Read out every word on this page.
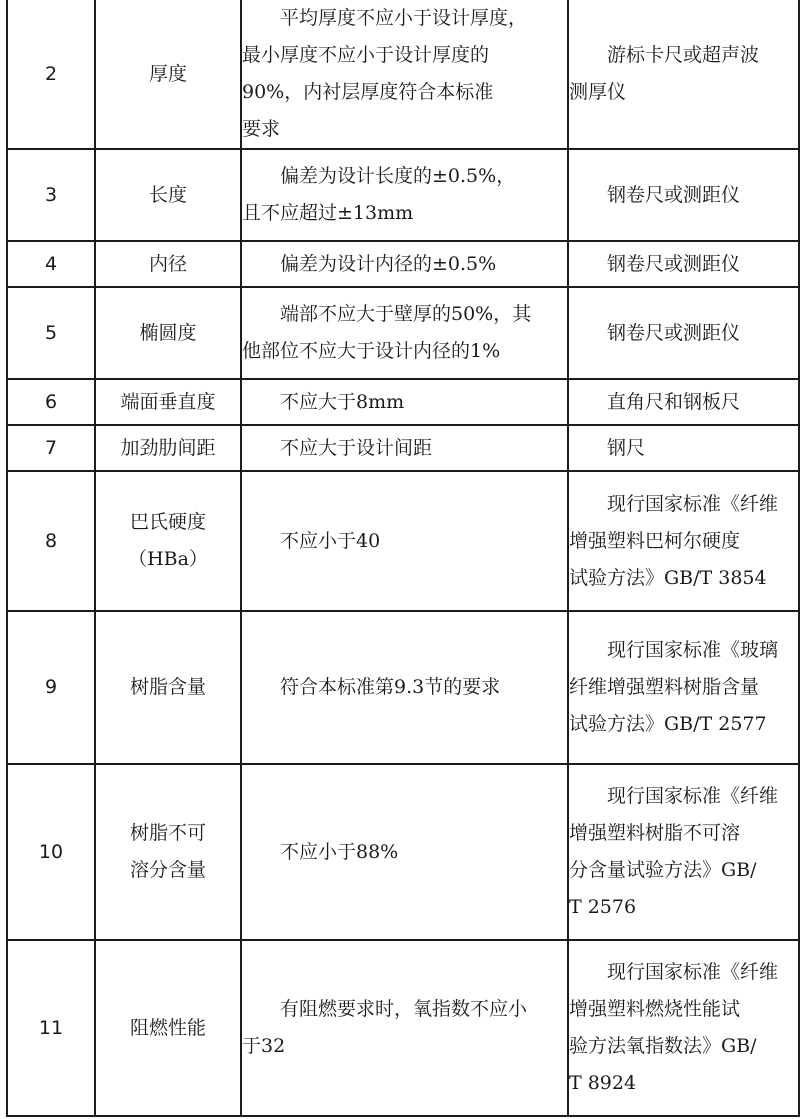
2	厚度	平均厚度不应小于设计厚度，
最小厚度不应小于设计厚度的
90%，内衬层厚度符合本标准
要求	游标卡尺或超声波
测厚仪

3	长度	偏差为设计长度的±0.5%，
且不应超过±13mm	钢卷尺或测距仪

4	内径	偏差为设计内径的±0.5%	钢卷尺或测距仪

5	椭圆度	端部不应大于壁厚的50%，其
他部位不应大于设计内径的1%	钢卷尺或测距仪

6	端面垂直度	不应大于8mm	直角尺和钢板尺

7	加劲肋间距	不应大于设计间距	钢尺

8	巴氏硬度
（HBa）	不应小于40	现行国家标准《纤维
增强塑料巴柯尔硬度
试验方法》GB/T 3854

9	树脂含量	符合本标准第9.3节的要求	现行国家标准《玻璃
纤维增强塑料树脂含量
试验方法》GB/T 2577

10	树脂不可
溶分含量	不应小于88%	现行国家标准《纤维
增强塑料树脂不可溶
分含量试验方法》GB/
T 2576

11	阻燃性能	有阻燃要求时，氧指数不应小
于32	现行国家标准《纤维
增强塑料燃烧性能试
验方法氧指数法》GB/
T 8924
